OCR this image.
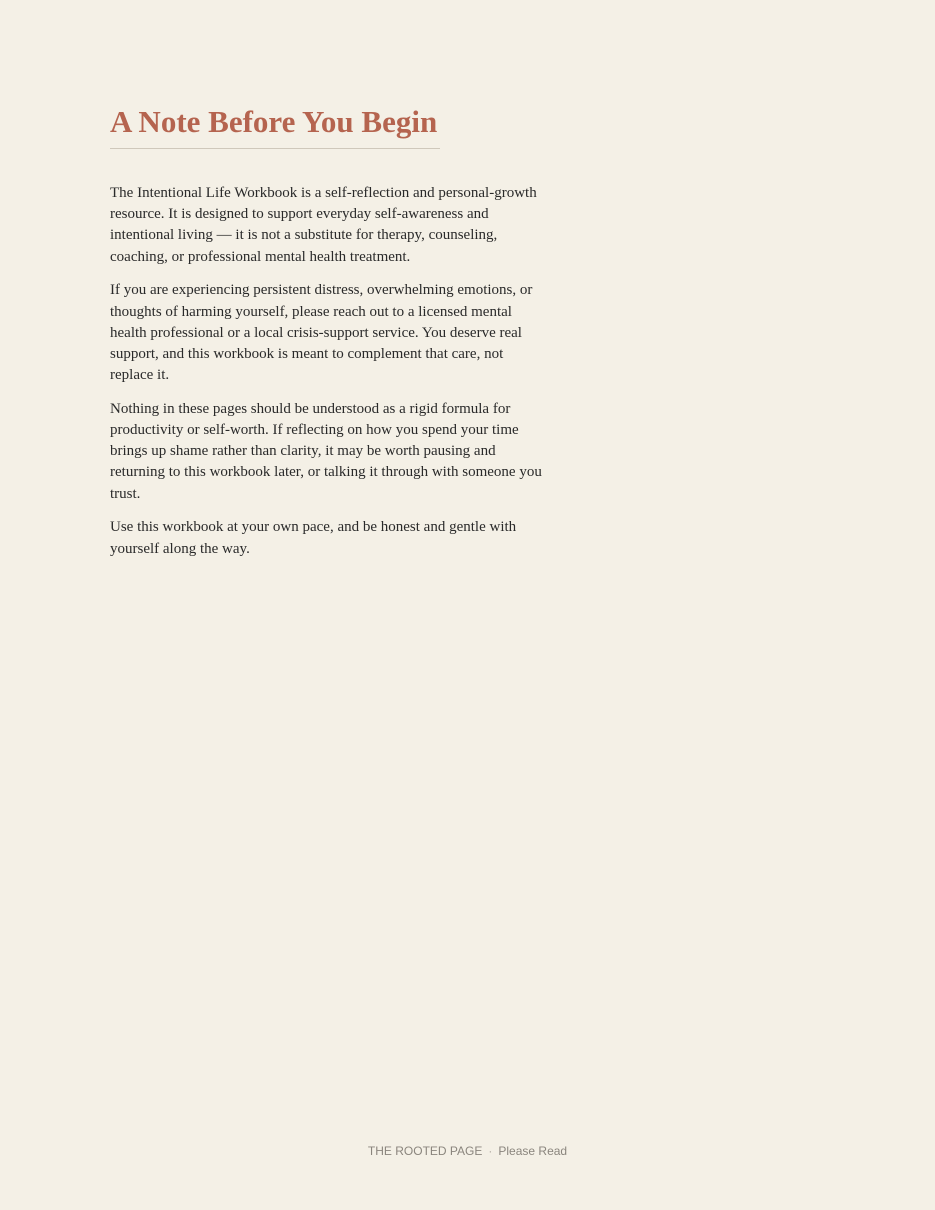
A Note Before You Begin

The Intentional Life Workbook is a self-reflection and personal-growth resource. It is designed to support everyday self-awareness and intentional living — it is not a substitute for therapy, counseling, coaching, or professional mental health treatment.

If you are experiencing persistent distress, overwhelming emotions, or thoughts of harming yourself, please reach out to a licensed mental health professional or a local crisis-support service. You deserve real support, and this workbook is meant to complement that care, not replace it.

Nothing in these pages should be understood as a rigid formula for productivity or self-worth. If reflecting on how you spend your time brings up shame rather than clarity, it may be worth pausing and returning to this workbook later, or talking it through with someone you trust.

Use this workbook at your own pace, and be honest and gentle with yourself along the way.

THE ROOTED PAGE · Please Read
